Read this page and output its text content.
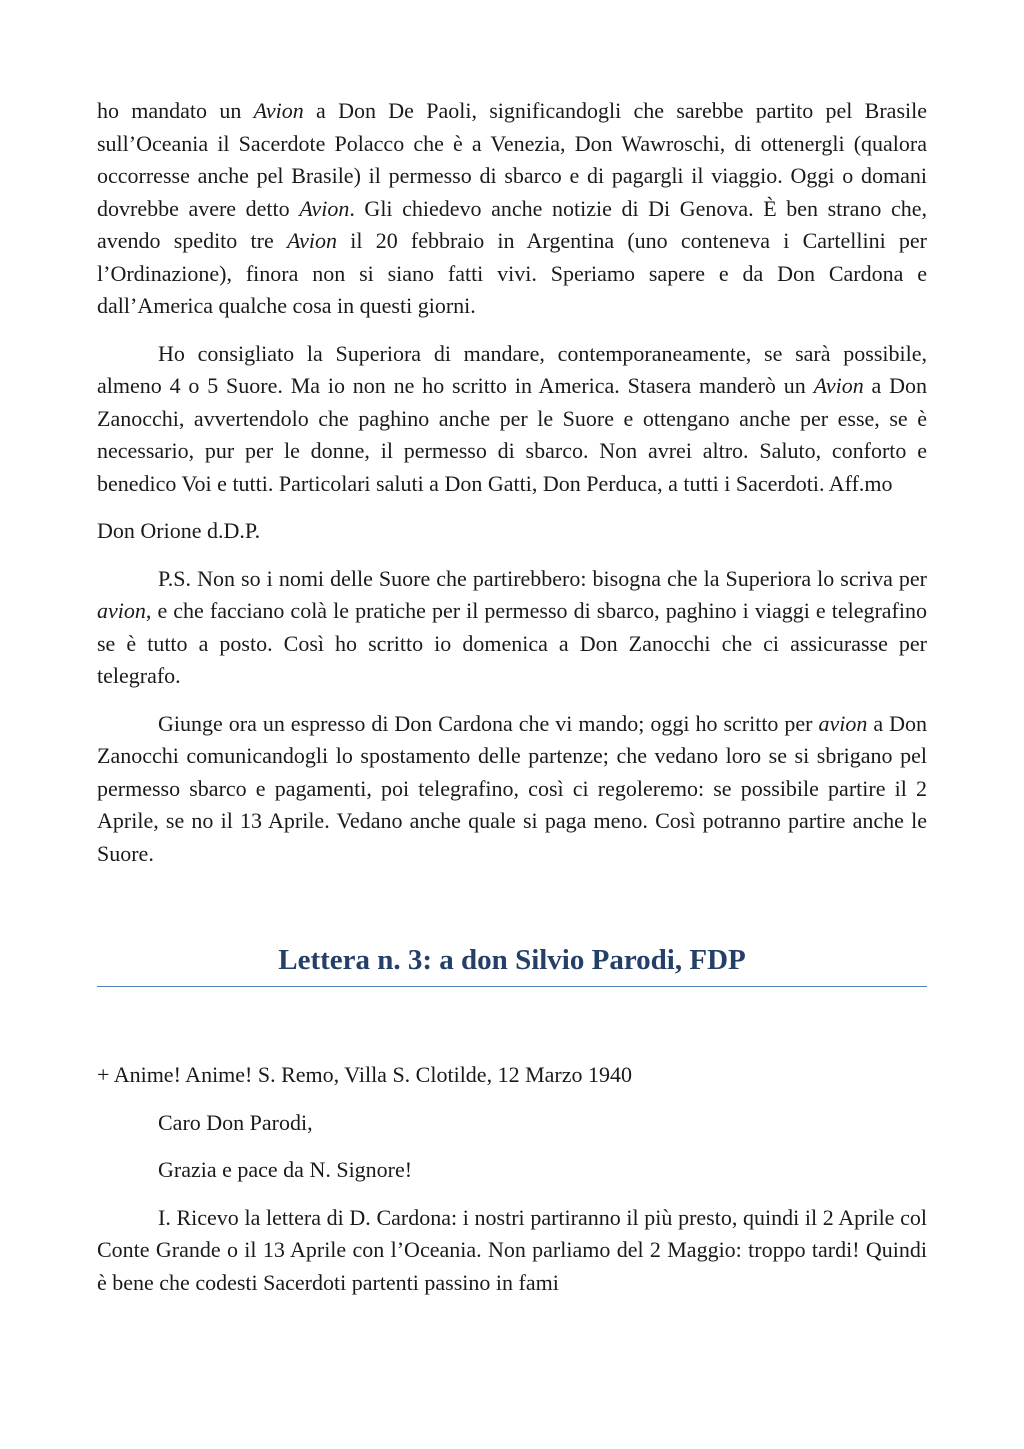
ho mandato un Avion a Don De Paoli, significandogli che sarebbe partito pel Brasile sull’Oceania il Sacerdote Polacco che è a Venezia, Don Wawroschi, di ottenergli (qualora occorresse anche pel Brasile) il permesso di sbarco e di pagargli il viaggio. Oggi o domani dovrebbe avere detto Avion. Gli chiedevo anche notizie di Di Genova. È ben strano che, avendo spedito tre Avion il 20 febbraio in Argentina (uno conteneva i Cartellini per l’Ordinazione), finora non si siano fatti vivi. Speriamo sapere e da Don Cardona e dall’America qualche cosa in questi giorni.

Ho consigliato la Superiora di mandare, contemporaneamente, se sarà possibile, almeno 4 o 5 Suore. Ma io non ne ho scritto in America. Stasera manderò un Avion a Don Zanocchi, avvertendolo che paghino anche per le Suore e ottengano anche per esse, se è necessario, pur per le donne, il permesso di sbarco. Non avrei altro. Saluto, conforto e benedico Voi e tutti. Particolari saluti a Don Gatti, Don Perduca, a tutti i Sacerdoti. Aff.mo

Don Orione d.D.P.

P.S. Non so i nomi delle Suore che partirebbero: bisogna che la Superiora lo scriva per avion, e che facciano colà le pratiche per il permesso di sbarco, paghino i viaggi e telegrafino se è tutto a posto. Così ho scritto io domenica a Don Zanocchi che ci assicurasse per telegrafo.

Giunge ora un espresso di Don Cardona che vi mando; oggi ho scritto per avion a Don Zanocchi comunicandogli lo spostamento delle partenze; che vedano loro se si sbrigano pel permesso sbarco e pagamenti, poi telegrafino, così ci regoleremo: se possibile partire il 2 Aprile, se no il 13 Aprile. Vedano anche quale si paga meno. Così potranno partire anche le Suore.

Lettera n. 3: a don Silvio Parodi, FDP

+ Anime! Anime! S. Remo, Villa S. Clotilde, 12 Marzo 1940

Caro Don Parodi,

Grazia e pace da N. Signore!

I. Ricevo la lettera di D. Cardona: i nostri partiranno il più presto, quindi il 2 Aprile col Conte Grande o il 13 Aprile con l’Oceania. Non parliamo del 2 Maggio: troppo tardi! Quindi è bene che codesti Sacerdoti partenti passino in fami
